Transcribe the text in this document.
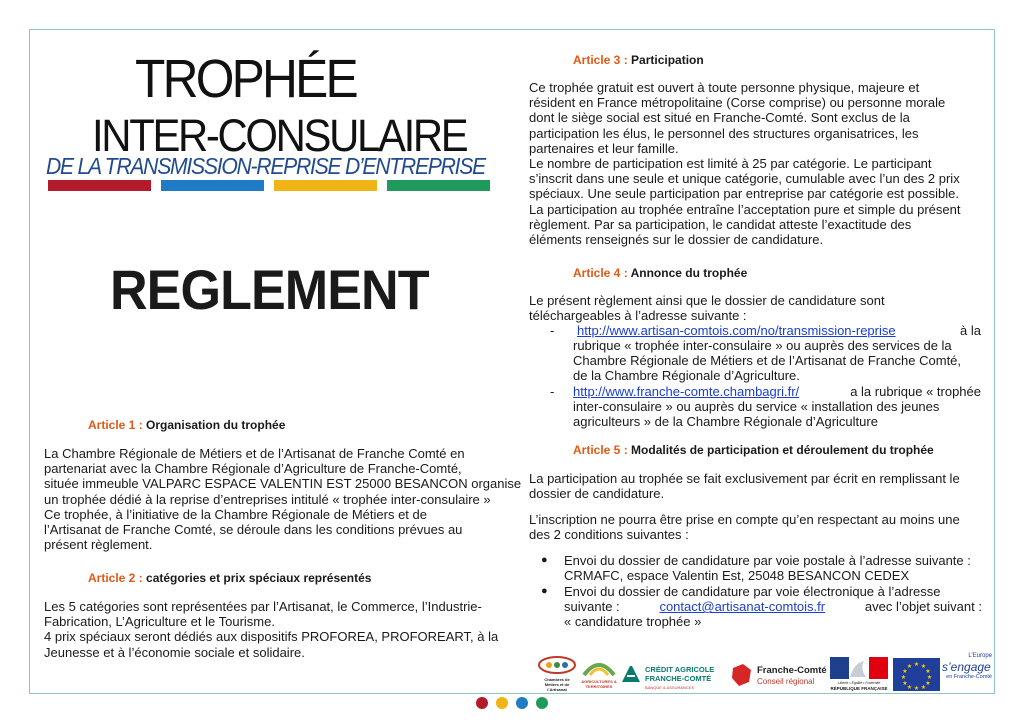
TROPHÉE
INTER-CONSULAIRE
DE LA TRANSMISSION-REPRISE D’ENTREPRISE
REGLEMENT
Article 1 : Organisation du trophée
La Chambre Régionale de Métiers et de l’Artisanat de Franche Comté en
partenariat avec la Chambre Régionale d’Agriculture de Franche-Comté,
située immeuble VALPARC ESPACE VALENTIN EST 25000 BESANCON organise
un trophée dédié à la reprise d’entreprises intitulé « trophée inter-consulaire »
Ce trophée, à l’initiative de la Chambre Régionale de Métiers et de
l’Artisanat de Franche Comté, se déroule dans les conditions prévues au
présent règlement.
Article 2 : catégories et prix spéciaux représentés
Les 5 catégories sont représentées par l’Artisanat, le Commerce, l’Industrie-
Fabrication, L’Agriculture et le Tourisme.
4 prix spéciaux seront dédiés aux dispositifs PROFOREA, PROFOREART, à la
Jeunesse et à l’économie sociale et solidaire.
Article 3 : Participation
Ce trophée gratuit est ouvert à toute personne physique, majeure et
résident en France métropolitaine (Corse comprise) ou personne morale
dont le siège social est situé en Franche-Comté. Sont exclus de la
participation les élus, le personnel des structures organisatrices, les
partenaires et leur famille.
Le nombre de participation est limité à 25 par catégorie. Le participant
s’inscrit dans une seule et unique catégorie, cumulable avec l’un des 2 prix
spéciaux. Une seule participation par entreprise par catégorie est possible.
La participation au trophée entraîne l’acceptation pure et simple du présent
règlement. Par sa participation, le candidat atteste l’exactitude des
éléments renseignés sur le dossier de candidature.
Article 4 : Annonce du trophée
Le présent règlement ainsi que le dossier de candidature sont
téléchargeables à l’adresse suivante :
- http://www.artisan-comtois.com/no/transmission-reprise	à la
rubrique « trophée inter-consulaire » ou auprès des services de la
Chambre Régionale de Métiers et de l’Artisanat de Franche Comté,
de la Chambre Régionale d’Agriculture.
- http://www.franche-comte.chambagri.fr/	a la rubrique « trophée
inter-consulaire » ou auprès du service « installation des jeunes
agriculteurs » de la Chambre Régionale d’Agriculture
Article 5 : Modalités de participation et déroulement du trophée
La participation au trophée se fait exclusivement par écrit en remplissant le
dossier de candidature.
L’inscription ne pourra être prise en compte qu’en respectant au moins une
des 2 conditions suivantes :
● Envoi du dossier de candidature par voie postale à l’adresse suivante :
CRMAFC, espace Valentin Est, 25048 BESANCON CEDEX
● Envoi du dossier de candidature par voie électronique à l’adresse
suivante :	contact@artisanat-comtois.fr	avec l’objet suivant :
« candidature trophée »
Chambres de Métiers et de l’Artisanat
AGRICULTURES & TERRITOIRES
CRÉDIT AGRICOLE
FRANCHE-COMTÉ
BANQUE & ASSURANCES
Franche-Comté
Conseil régional	Liberté • Égalité • Fraternité
RÉPUBLIQUE FRANÇAISE
★ ★
★
★
★
★
★
★
★
★
★
★
L’Europe
s’engage
en Franche-Comté
